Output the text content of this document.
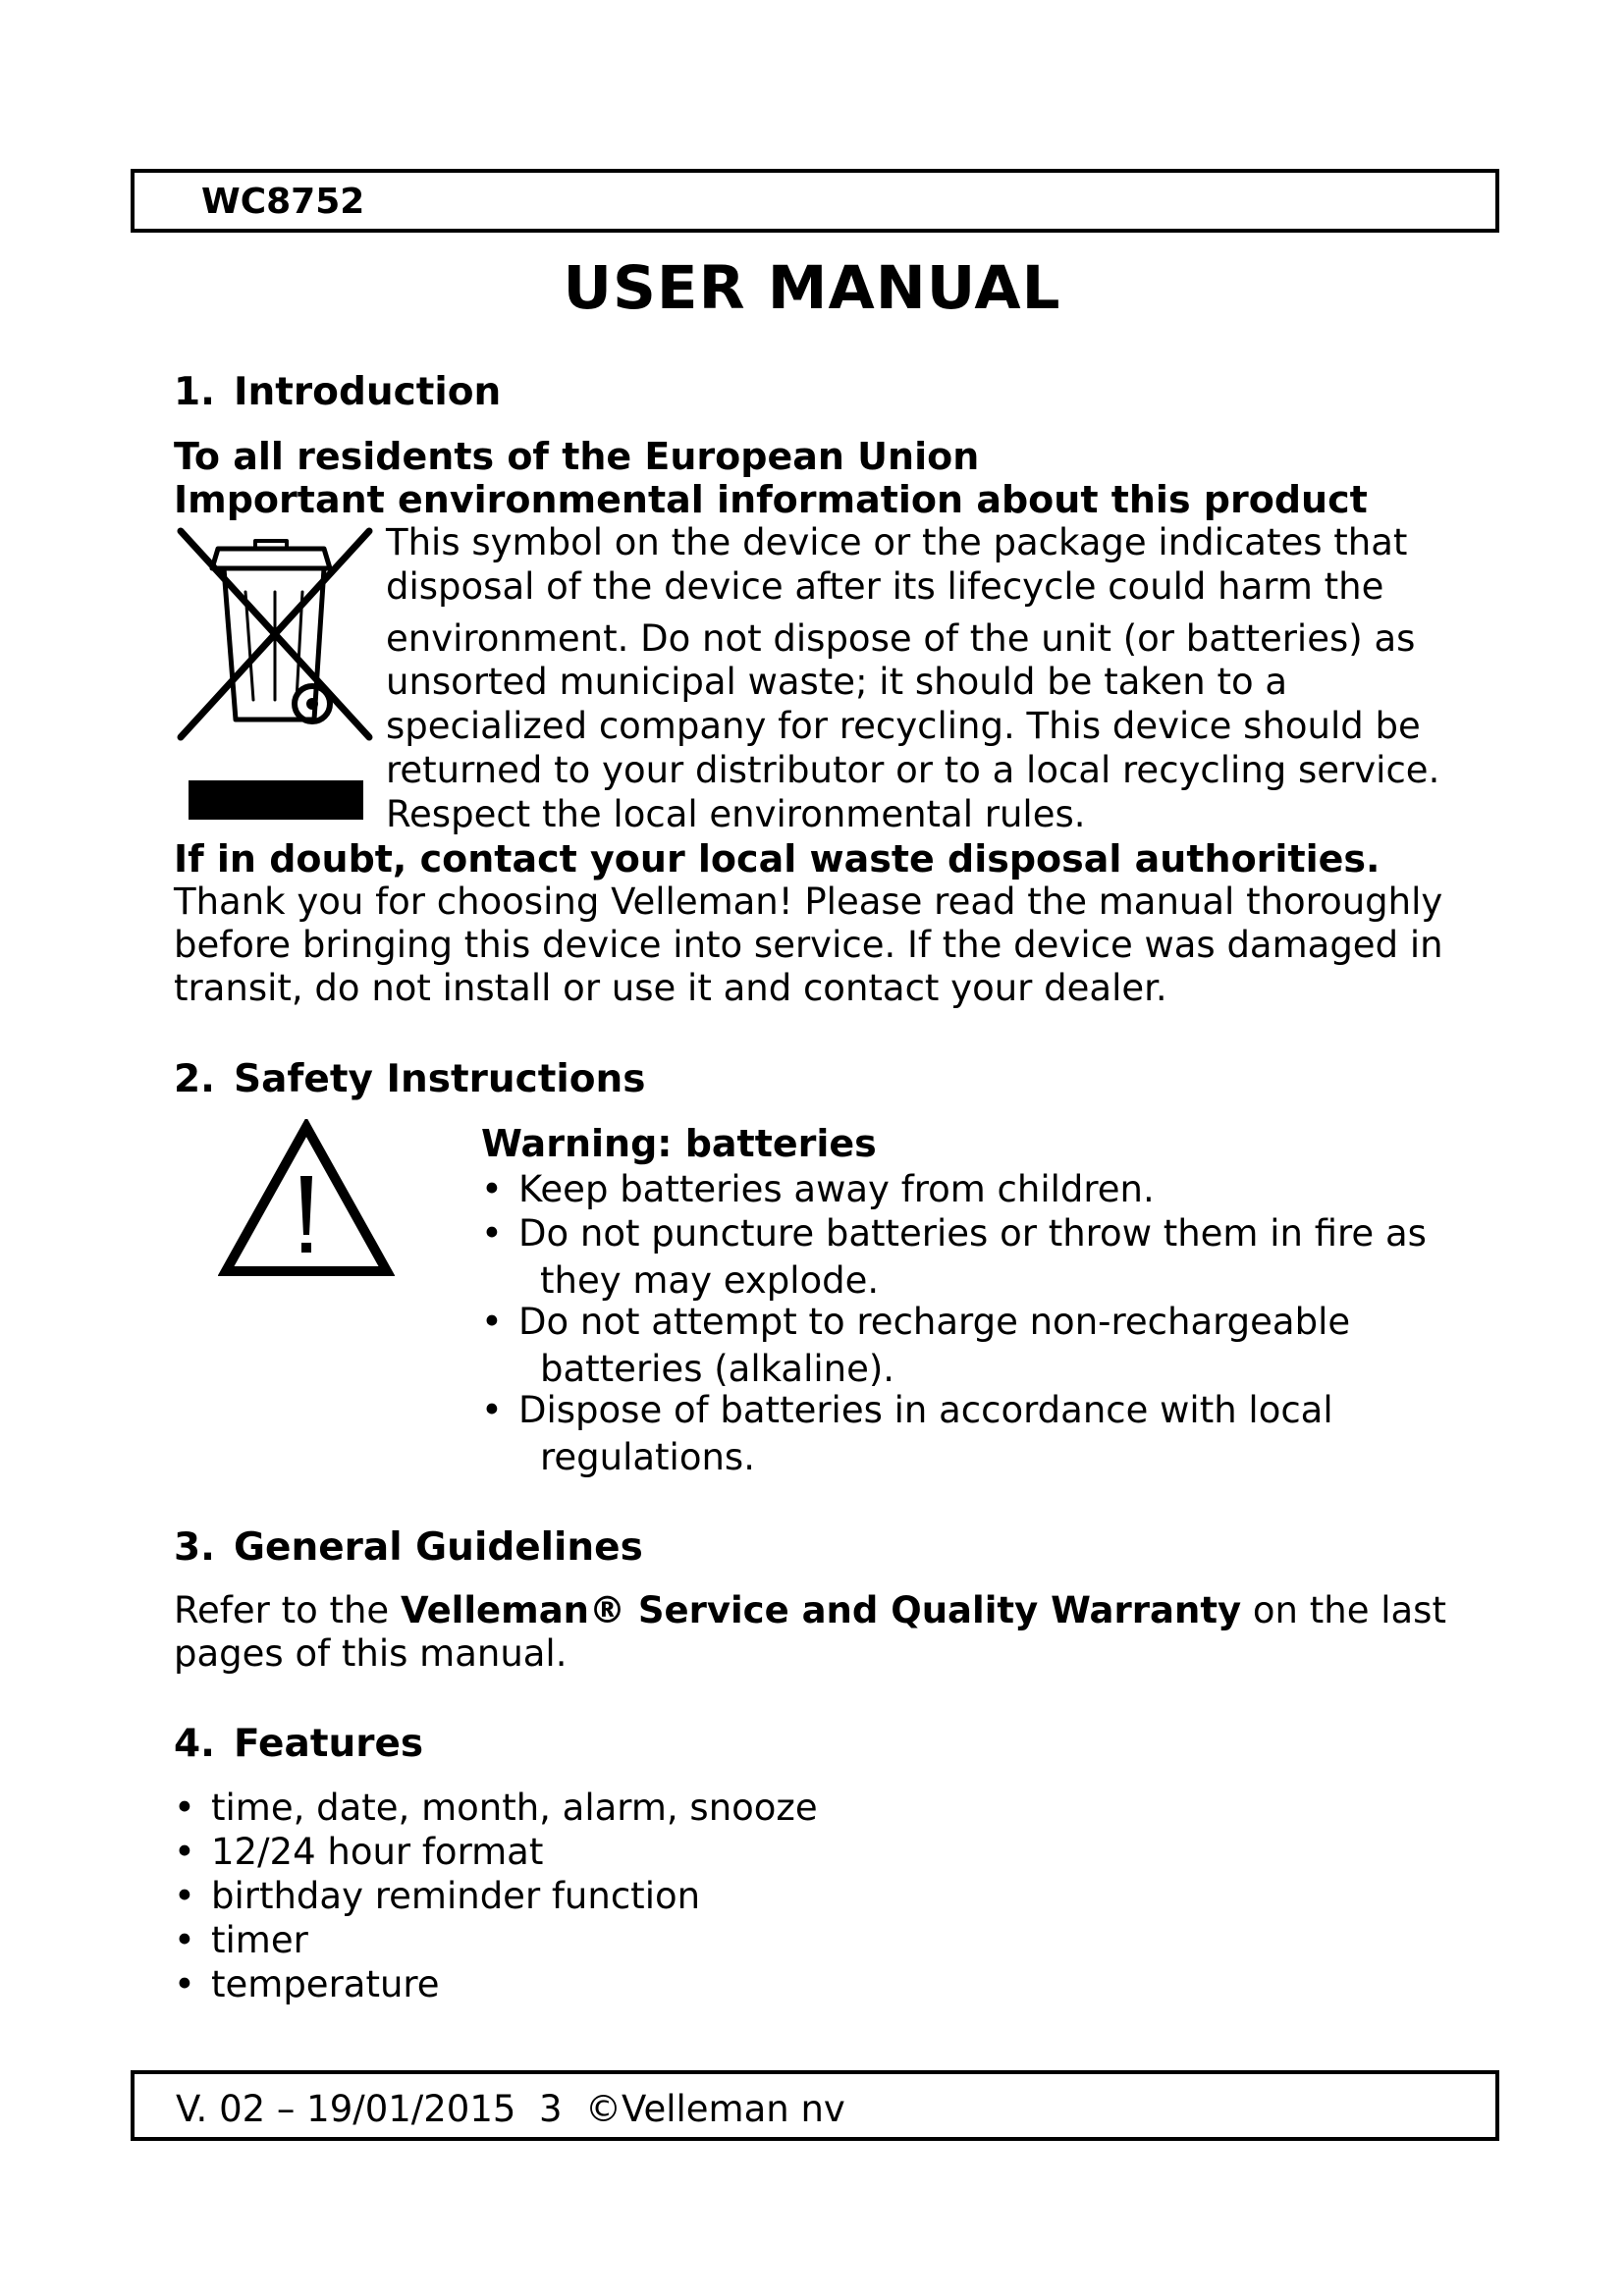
WC8752
USER MANUAL
1. Introduction
To all residents of the European Union
Important environmental information about this product
This symbol on the device or the package indicates that
disposal of the device after its lifecycle could harm the
environment. Do not dispose of the unit (or batteries) as
unsorted municipal waste; it should be taken to a
specialized company for recycling. This device should be
returned to your distributor or to a local recycling service.
Respect the local environmental rules.
If in doubt, contact your local waste disposal authorities.
Thank you for choosing Velleman! Please read the manual thoroughly
before bringing this device into service. If the device was damaged in
transit, do not install or use it and contact your dealer.
2. Safety Instructions
Warning: batteries
• Keep batteries away from children.
• Do not puncture batteries or throw them in fire as
they may explode.
• Do not attempt to recharge non-rechargeable
batteries (alkaline).
• Dispose of batteries in accordance with local
regulations.
3. General Guidelines
Refer to the Velleman® Service and Quality Warranty on the last
pages of this manual.
4. Features
• time, date, month, alarm, snooze
• 12/24 hour format
• birthday reminder function
• timer
• temperature
V. 02 – 19/01/2015  3  ©Velleman nv
